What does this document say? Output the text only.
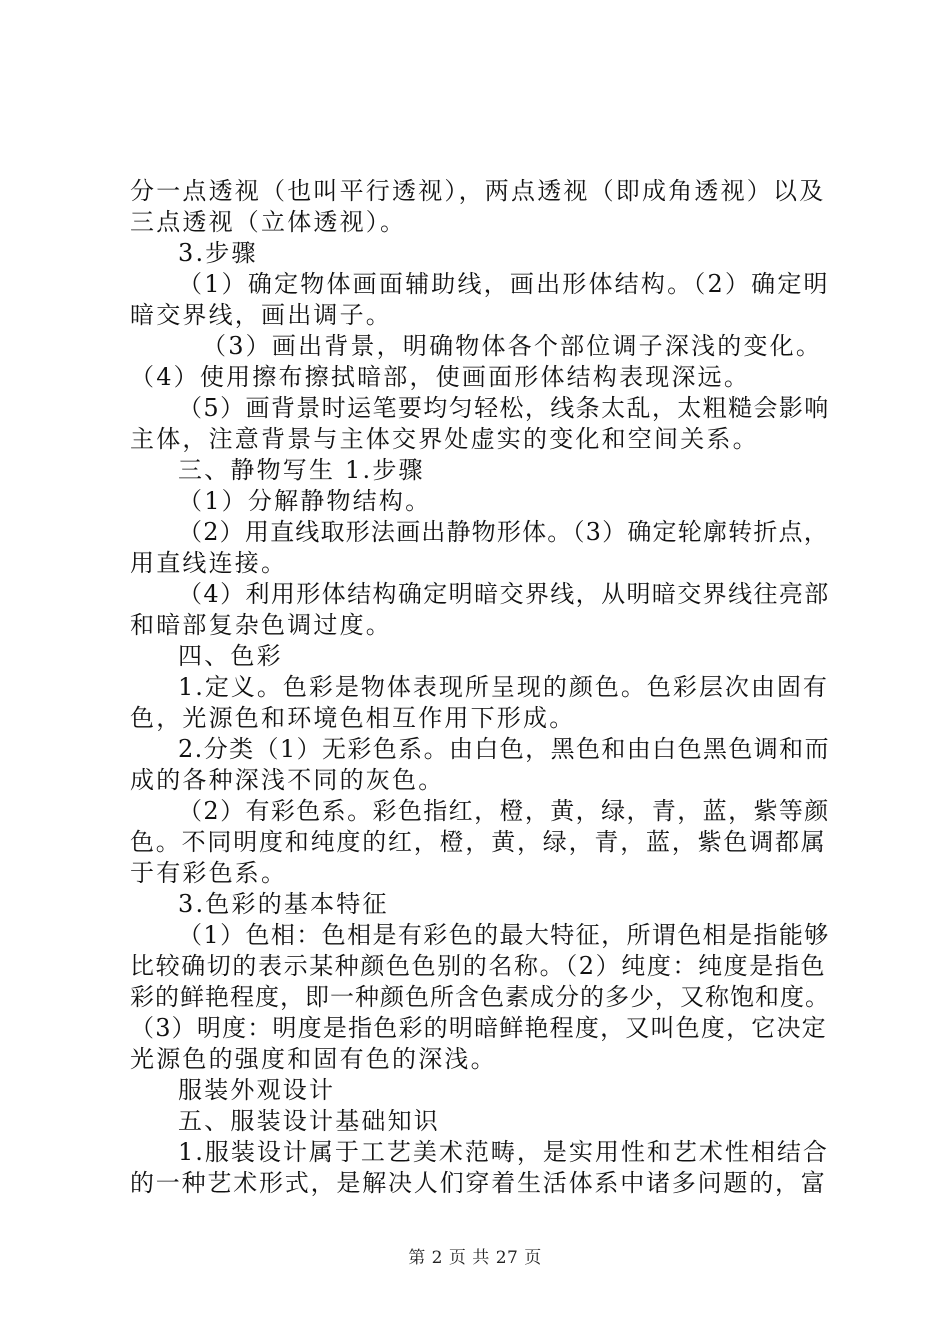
分一点透视（也叫平行透视），两点透视（即成角透视）以及
三点透视（立体透视）。
3.步骤
（1）确定物体画面辅助线，画出形体结构。（2）确定明
暗交界线，画出调子。
（3）画出背景，明确物体各个部位调子深浅的变化。
（4）使用擦布擦拭暗部，使画面形体结构表现深远。
（5）画背景时运笔要均匀轻松，线条太乱，太粗糙会影响
主体，注意背景与主体交界处虚实的变化和空间关系。
三、静物写生 1.步骤
（1）分解静物结构。
（2）用直线取形法画出静物形体。（3）确定轮廓转折点，
用直线连接。
（4）利用形体结构确定明暗交界线，从明暗交界线往亮部
和暗部复杂色调过度。
四、色彩
1.定义。色彩是物体表现所呈现的颜色。色彩层次由固有
色，光源色和环境色相互作用下形成。
2.分类（1）无彩色系。由白色，黑色和由白色黑色调和而
成的各种深浅不同的灰色。
（2）有彩色系。彩色指红，橙，黄，绿，青，蓝，紫等颜
色。不同明度和纯度的红，橙，黄，绿，青，蓝，紫色调都属
于有彩色系。
3.色彩的基本特征
（1）色相：色相是有彩色的最大特征，所谓色相是指能够
比较确切的表示某种颜色色别的名称。（2）纯度：纯度是指色
彩的鲜艳程度，即一种颜色所含色素成分的多少，又称饱和度。
（3）明度：明度是指色彩的明暗鲜艳程度，又叫色度，它决定
光源色的强度和固有色的深浅。
服装外观设计
五、服装设计基础知识
1.服装设计属于工艺美术范畴，是实用性和艺术性相结合
的一种艺术形式，是解决人们穿着生活体系中诸多问题的，富
第 2 页 共 27 页
